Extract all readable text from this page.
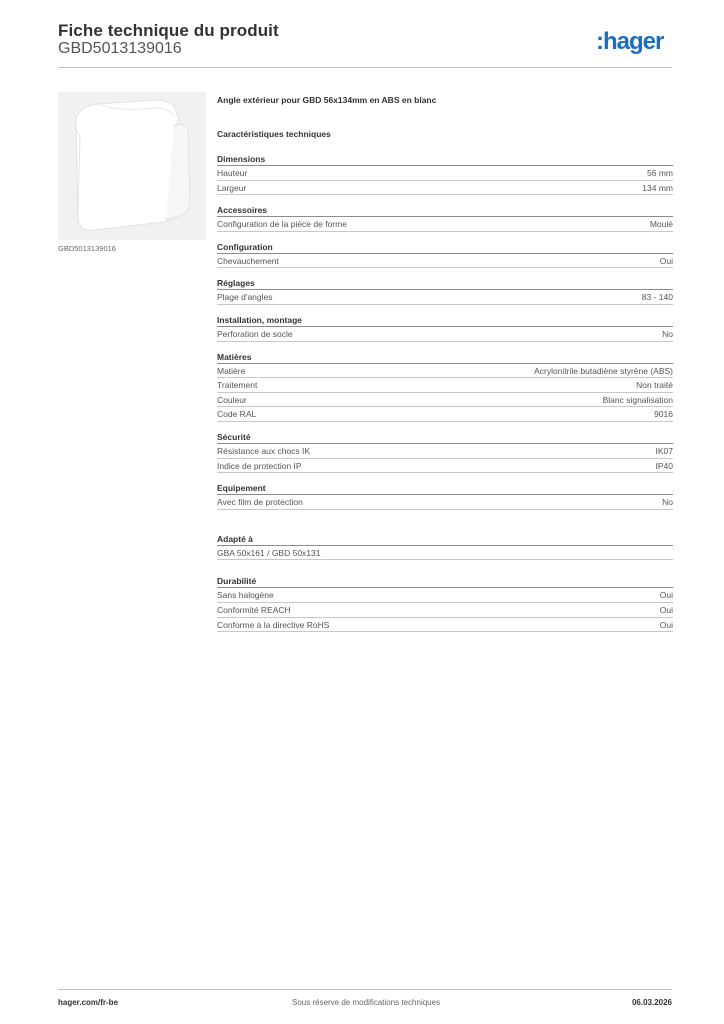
Fiche technique du produit
GBD5013139016	:hager
GBD5013139016
Angle extérieur pour GBD 56x134mm en ABS en blanc
Caractéristiques techniques
Dimensions
Hauteur	56 mm
Largeur	134 mm
Accessoires
Configuration de la pièce de forme	Moulé
Configuration
Chevauchement	Oui
Réglages
Plage d'angles	83 - 140
Installation, montage
Perforation de socle	No
Matières
Matière	Acrylonitrile butadiène styrène (ABS)
Traitement	Non traité
Couleur	Blanc signalisation
Code RAL	9016
Sécurité
Résistance aux chocs IK	IK07
Indice de protection IP	IP40
Equipement
Avec film de protection	No
Adapté à
GBA 50x161 / GBD 50x131
Durabilité
Sans halogène	Oui
Conformité REACH	Oui
Conforme à la directive RoHS	Oui
hager.com/fr-be	Sous réserve de modifications techniques	06.03.2026
